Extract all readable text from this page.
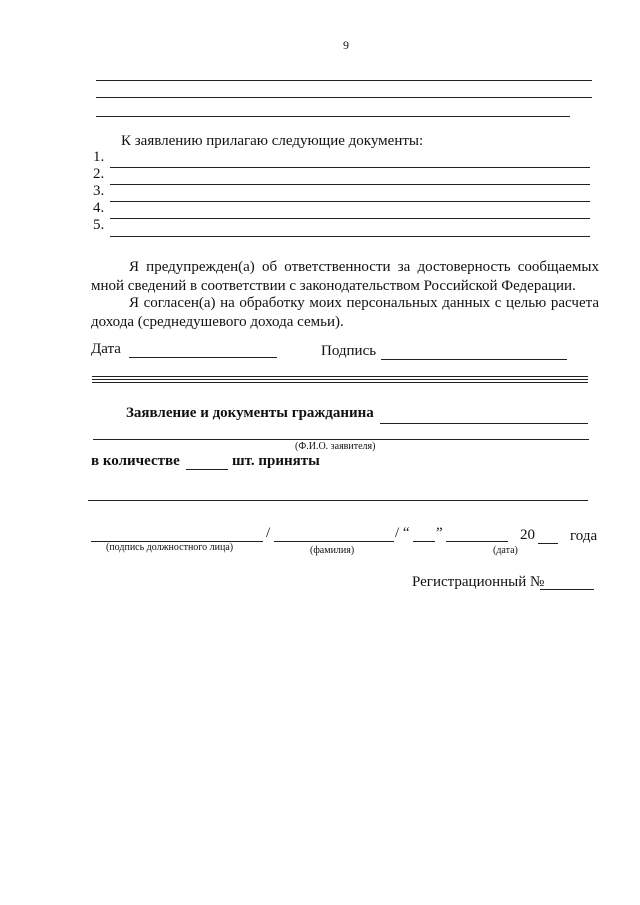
9
К заявлению прилагаю следующие документы:
1.
2.
3.
4.
5.
Я предупрежден(а) об ответственности за достоверность сообщаемых мной сведений в соответствии с законодательством Российской Федерации.
Я согласен(а) на обработку моих персональных данных с целью расчета дохода (среднедушевого дохода семьи).
Дата	Подпись
Заявление и документы гражданина
(Ф.И.О. заявителя)
в количестве	шт. приняты
/	/ “ ”	20 года
(подпись должностного лица)	(фамилия)	(дата)
Регистрационный №
